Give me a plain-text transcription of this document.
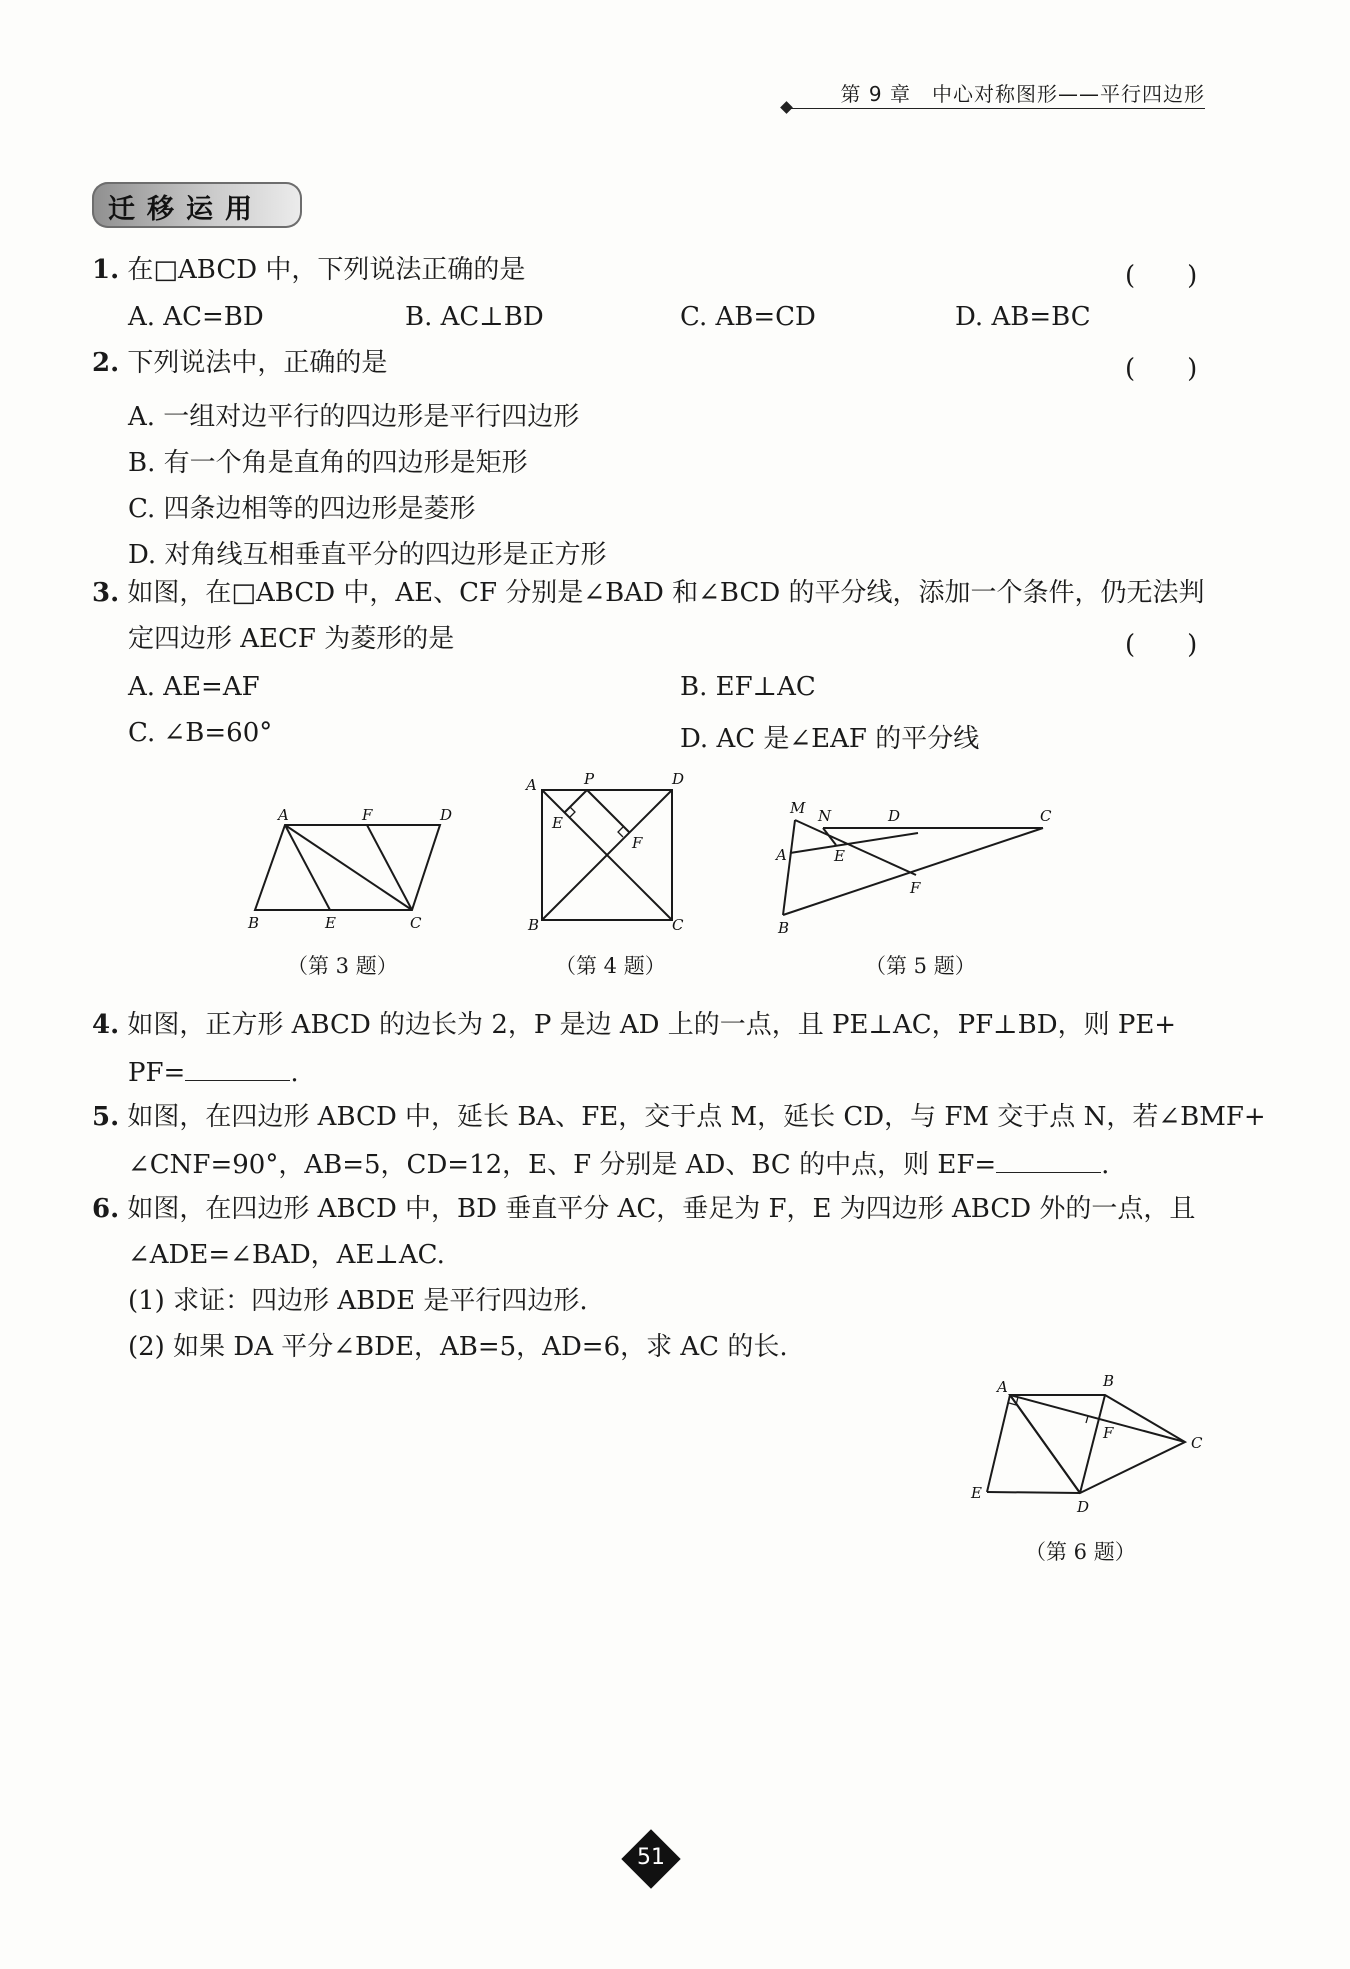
第 9 章　中心对称图形——平行四边形
迁移运用
1. 在□ABCD 中，下列说法正确的是	(　　)
A. AC=BD	B. AC⊥BD	C. AB=CD	D. AB=BC
2. 下列说法中，正确的是	(　　)
A. 一组对边平行的四边形是平行四边形
B. 有一个角是直角的四边形是矩形
C. 四条边相等的四边形是菱形
D. 对角线互相垂直平分的四边形是正方形
3. 如图，在□ABCD 中，AE、CF 分别是∠BAD 和∠BCD 的平分线，添加一个条件，仍无法判
定四边形 AECF 为菱形的是	(　　)
A. AE=AF	B. EF⊥AC
C. ∠B=60°	D. AC 是∠EAF 的平分线
A	F	D
B	E	C
（第 3 题）
A	P	D
E
F
B	C
（第 4 题）
M N	D	C
A	E
F
B
（第 5 题）
4. 如图，正方形 ABCD 的边长为 2，P 是边 AD 上的一点，且 PE⊥AC，PF⊥BD，则 PE+
PF=	.
5. 如图，在四边形 ABCD 中，延长 BA、FE，交于点 M，延长 CD，与 FM 交于点 N，若∠BMF+
∠CNF=90°，AB=5，CD=12，E、F 分别是 AD、BC 的中点，则 EF=	.
6. 如图，在四边形 ABCD 中，BD 垂直平分 AC，垂足为 F，E 为四边形 ABCD 外的一点，且
∠ADE=∠BAD，AE⊥AC.
(1) 求证：四边形 ABDE 是平行四边形.
(2) 如果 DA 平分∠BDE，AB=5，AD=6，求 AC 的长.
A	B
F
C
E
D
（第 6 题）
51
